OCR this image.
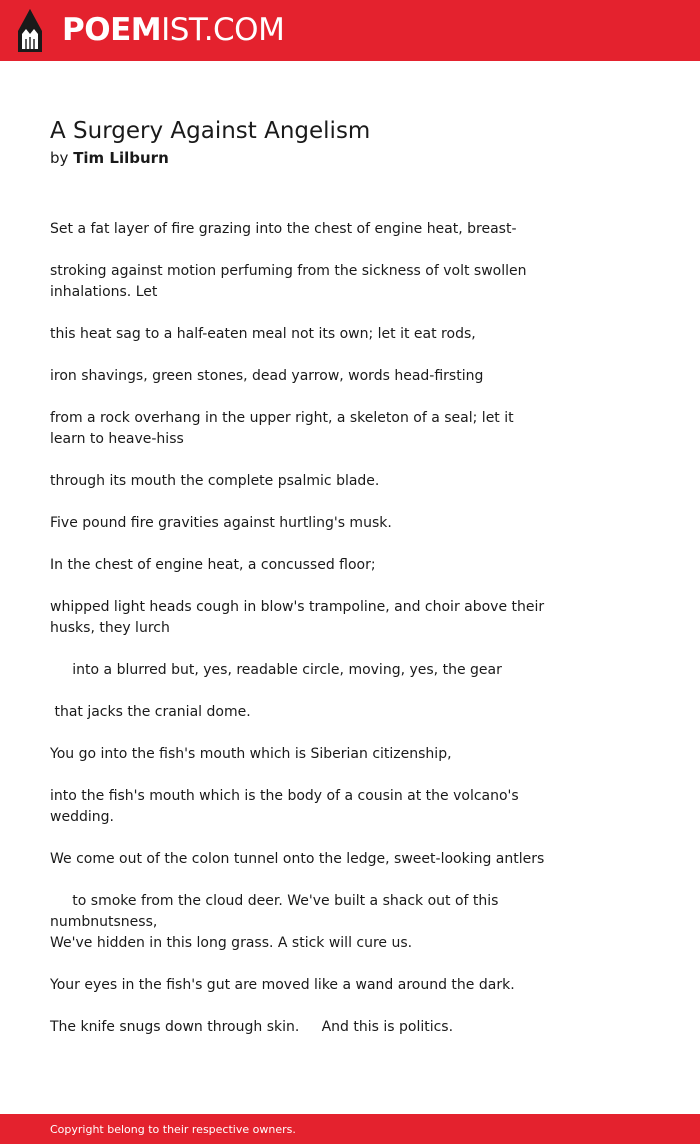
POEMIST.COM
A Surgery Against Angelism
by Tim Lilburn

Set a fat layer of fire grazing into the chest of engine heat, breast-

stroking against motion perfuming from the sickness of volt swollen inhalations. Let

this heat sag to a half-eaten meal not its own; let it eat rods,

iron shavings, green stones, dead yarrow, words head-firsting

from a rock overhang in the upper right, a skeleton of a seal; let it learn to heave-hiss

through its mouth the complete psalmic blade.

Five pound fire gravities against hurtling's musk.

In the chest of engine heat, a concussed floor;

whipped light heads cough in blow's trampoline, and choir above their husks, they lurch

into a blurred but, yes, readable circle, moving, yes, the gear

that jacks the cranial dome.

You go into the fish's mouth which is Siberian citizenship,

into the fish's mouth which is the body of a cousin at the volcano's wedding.

We come out of the colon tunnel onto the ledge, sweet-looking antlers

to smoke from the cloud deer. We've built a shack out of this numbnutsness,
We've hidden in this long grass. A stick will cure us.

Your eyes in the fish's gut are moved like a wand around the dark.

The knife snugs down through skin.     And this is politics.

Copyright belong to their respective owners.
